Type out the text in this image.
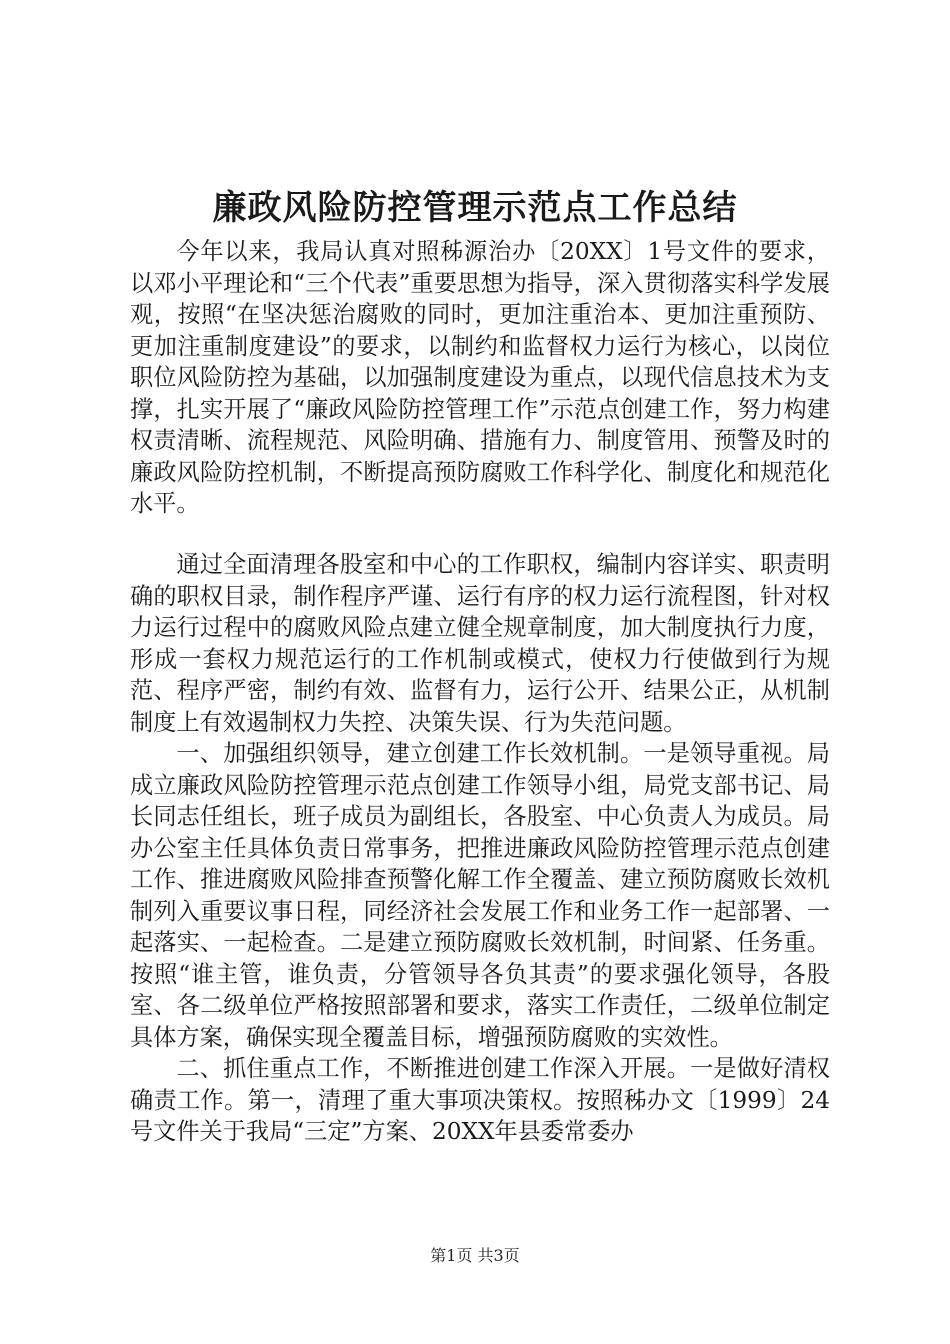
廉政风险防控管理示范点工作总结

今年以来，我局认真对照秭源治办〔20XX〕1号文件的要求，以邓小平理论和“三个代表”重要思想为指导，深入贯彻落实科学发展观，按照“在坚决惩治腐败的同时，更加注重治本、更加注重预防、更加注重制度建设”的要求，以制约和监督权力运行为核心，以岗位职位风险防控为基础，以加强制度建设为重点，以现代信息技术为支撑，扎实开展了“廉政风险防控管理工作”示范点创建工作，努力构建权责清晰、流程规范、风险明确、措施有力、制度管用、预警及时的廉政风险防控机制，不断提高预防腐败工作科学化、制度化和规范化水平。

通过全面清理各股室和中心的工作职权，编制内容详实、职责明确的职权目录，制作程序严谨、运行有序的权力运行流程图，针对权力运行过程中的腐败风险点建立健全规章制度，加大制度执行力度，形成一套权力规范运行的工作机制或模式，使权力行使做到行为规范、程序严密，制约有效、监督有力，运行公开、结果公正，从机制制度上有效遏制权力失控、决策失误、行为失范问题。

一、加强组织领导，建立创建工作长效机制。一是领导重视。局成立廉政风险防控管理示范点创建工作领导小组，局党支部书记、局长同志任组长，班子成员为副组长，各股室、中心负责人为成员。局办公室主任具体负责日常事务，把推进廉政风险防控管理示范点创建工作、推进腐败风险排查预警化解工作全覆盖、建立预防腐败长效机制列入重要议事日程，同经济社会发展工作和业务工作一起部署、一起落实、一起检查。二是建立预防腐败长效机制，时间紧、任务重。按照“谁主管，谁负责，分管领导各负其责”的要求强化领导，各股室、各二级单位严格按照部署和要求，落实工作责任，二级单位制定具体方案，确保实现全覆盖目标，增强预防腐败的实效性。

二、抓住重点工作，不断推进创建工作深入开展。一是做好清权确责工作。第一，清理了重大事项决策权。按照秭办文〔1999〕24号文件关于我局“三定”方案、20XX年县委常委办

第1页 共3页
